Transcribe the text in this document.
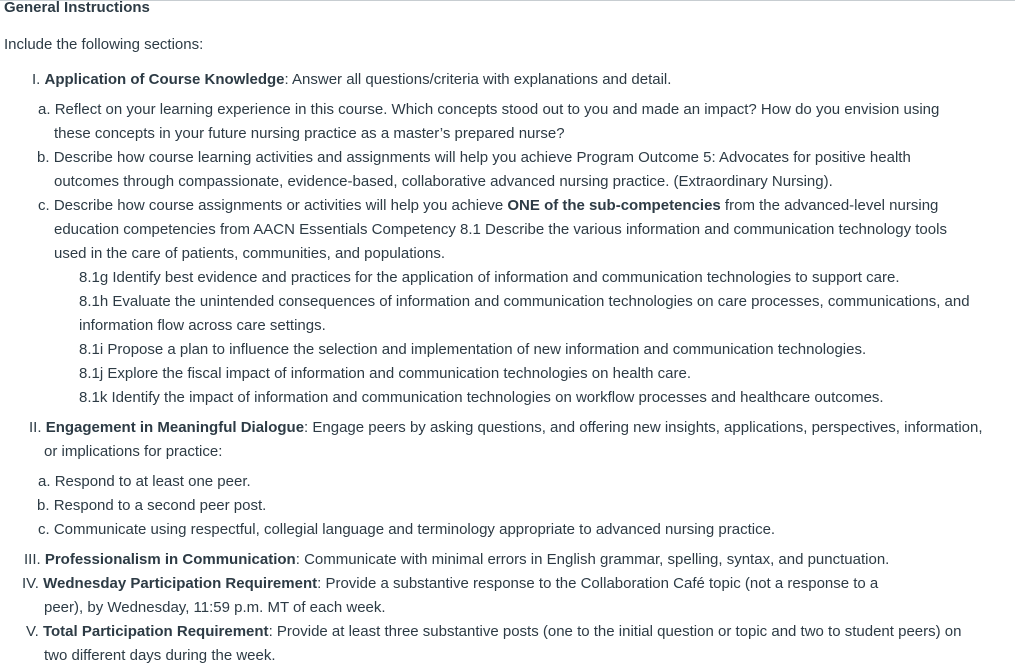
General Instructions
Include the following sections:
I. Application of Course Knowledge: Answer all questions/criteria with explanations and detail.
a. Reflect on your learning experience in this course. Which concepts stood out to you and made an impact? How do you envision using
these concepts in your future nursing practice as a master’s prepared nurse?
b. Describe how course learning activities and assignments will help you achieve Program Outcome 5: Advocates for positive health
outcomes through compassionate, evidence-based, collaborative advanced nursing practice. (Extraordinary Nursing).
c. Describe how course assignments or activities will help you achieve ONE of the sub-competencies from the advanced-level nursing
education competencies from AACN Essentials Competency 8.1 Describe the various information and communication technology tools
used in the care of patients, communities, and populations.
8.1g Identify best evidence and practices for the application of information and communication technologies to support care.
8.1h Evaluate the unintended consequences of information and communication technologies on care processes, communications, and
information flow across care settings.
8.1i Propose a plan to influence the selection and implementation of new information and communication technologies.
8.1j Explore the fiscal impact of information and communication technologies on health care.
8.1k Identify the impact of information and communication technologies on workflow processes and healthcare outcomes.
II. Engagement in Meaningful Dialogue: Engage peers by asking questions, and offering new insights, applications, perspectives, information,
or implications for practice:
a. Respond to at least one peer.
b. Respond to a second peer post.
c. Communicate using respectful, collegial language and terminology appropriate to advanced nursing practice.
III. Professionalism in Communication: Communicate with minimal errors in English grammar, spelling, syntax, and punctuation.
IV. Wednesday Participation Requirement: Provide a substantive response to the Collaboration Café topic (not a response to a
peer), by Wednesday, 11:59 p.m. MT of each week.
V. Total Participation Requirement: Provide at least three substantive posts (one to the initial question or topic and two to student peers) on
two different days during the week.
